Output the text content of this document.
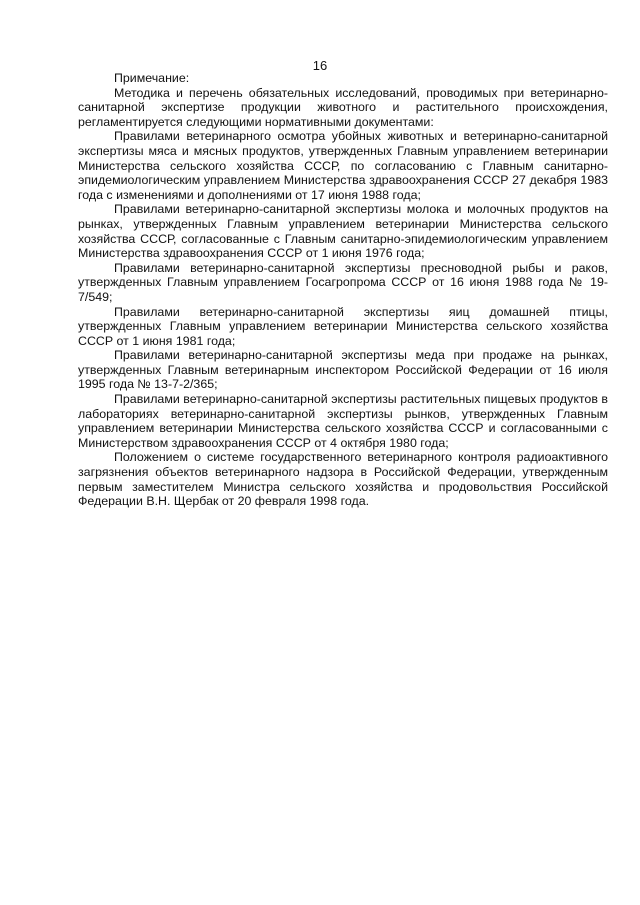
16

Примечание:

Методика и перечень обязательных исследований, проводимых при ветеринарно-санитарной экспертизе продукции животного и растительного происхождения, регламентируется следующими нормативными документами:

Правилами ветеринарного осмотра убойных животных и ветеринарно-санитарной экспертизы мяса и мясных продуктов, утвержденных Главным управлением ветеринарии Министерства сельского хозяйства СССР, по согласованию с Главным санитарно-эпидемиологическим управлением Министерства здравоохранения СССР 27 декабря 1983 года с изменениями и дополнениями от 17 июня 1988 года;

Правилами ветеринарно-санитарной экспертизы молока и молочных продуктов на рынках, утвержденных Главным управлением ветеринарии Министерства сельского хозяйства СССР, согласованные с Главным санитарно-эпидемиологическим управлением Министерства здравоохранения СССР от 1 июня 1976 года;

Правилами ветеринарно-санитарной экспертизы пресноводной рыбы и раков, утвержденных Главным управлением Госагропрома СССР от 16 июня 1988 года № 19-7/549;

Правилами ветеринарно-санитарной экспертизы яиц домашней птицы, утвержденных Главным управлением ветеринарии Министерства сельского хозяйства СССР от 1 июня 1981 года;

Правилами ветеринарно-санитарной экспертизы меда при продаже на рынках, утвержденных Главным ветеринарным инспектором Российской Федерации от 16 июля 1995 года № 13-7-2/365;

Правилами ветеринарно-санитарной экспертизы растительных пищевых продуктов в лабораториях ветеринарно-санитарной экспертизы рынков, утвержденных Главным управлением ветеринарии Министерства сельского хозяйства СССР и согласованными с Министерством здравоохранения СССР от 4 октября 1980 года;

Положением о системе государственного ветеринарного контроля радиоактивного загрязнения объектов ветеринарного надзора в Российской Федерации, утвержденным первым заместителем Министра сельского хозяйства и продовольствия Российской Федерации В.Н. Щербак от 20 февраля 1998 года.
